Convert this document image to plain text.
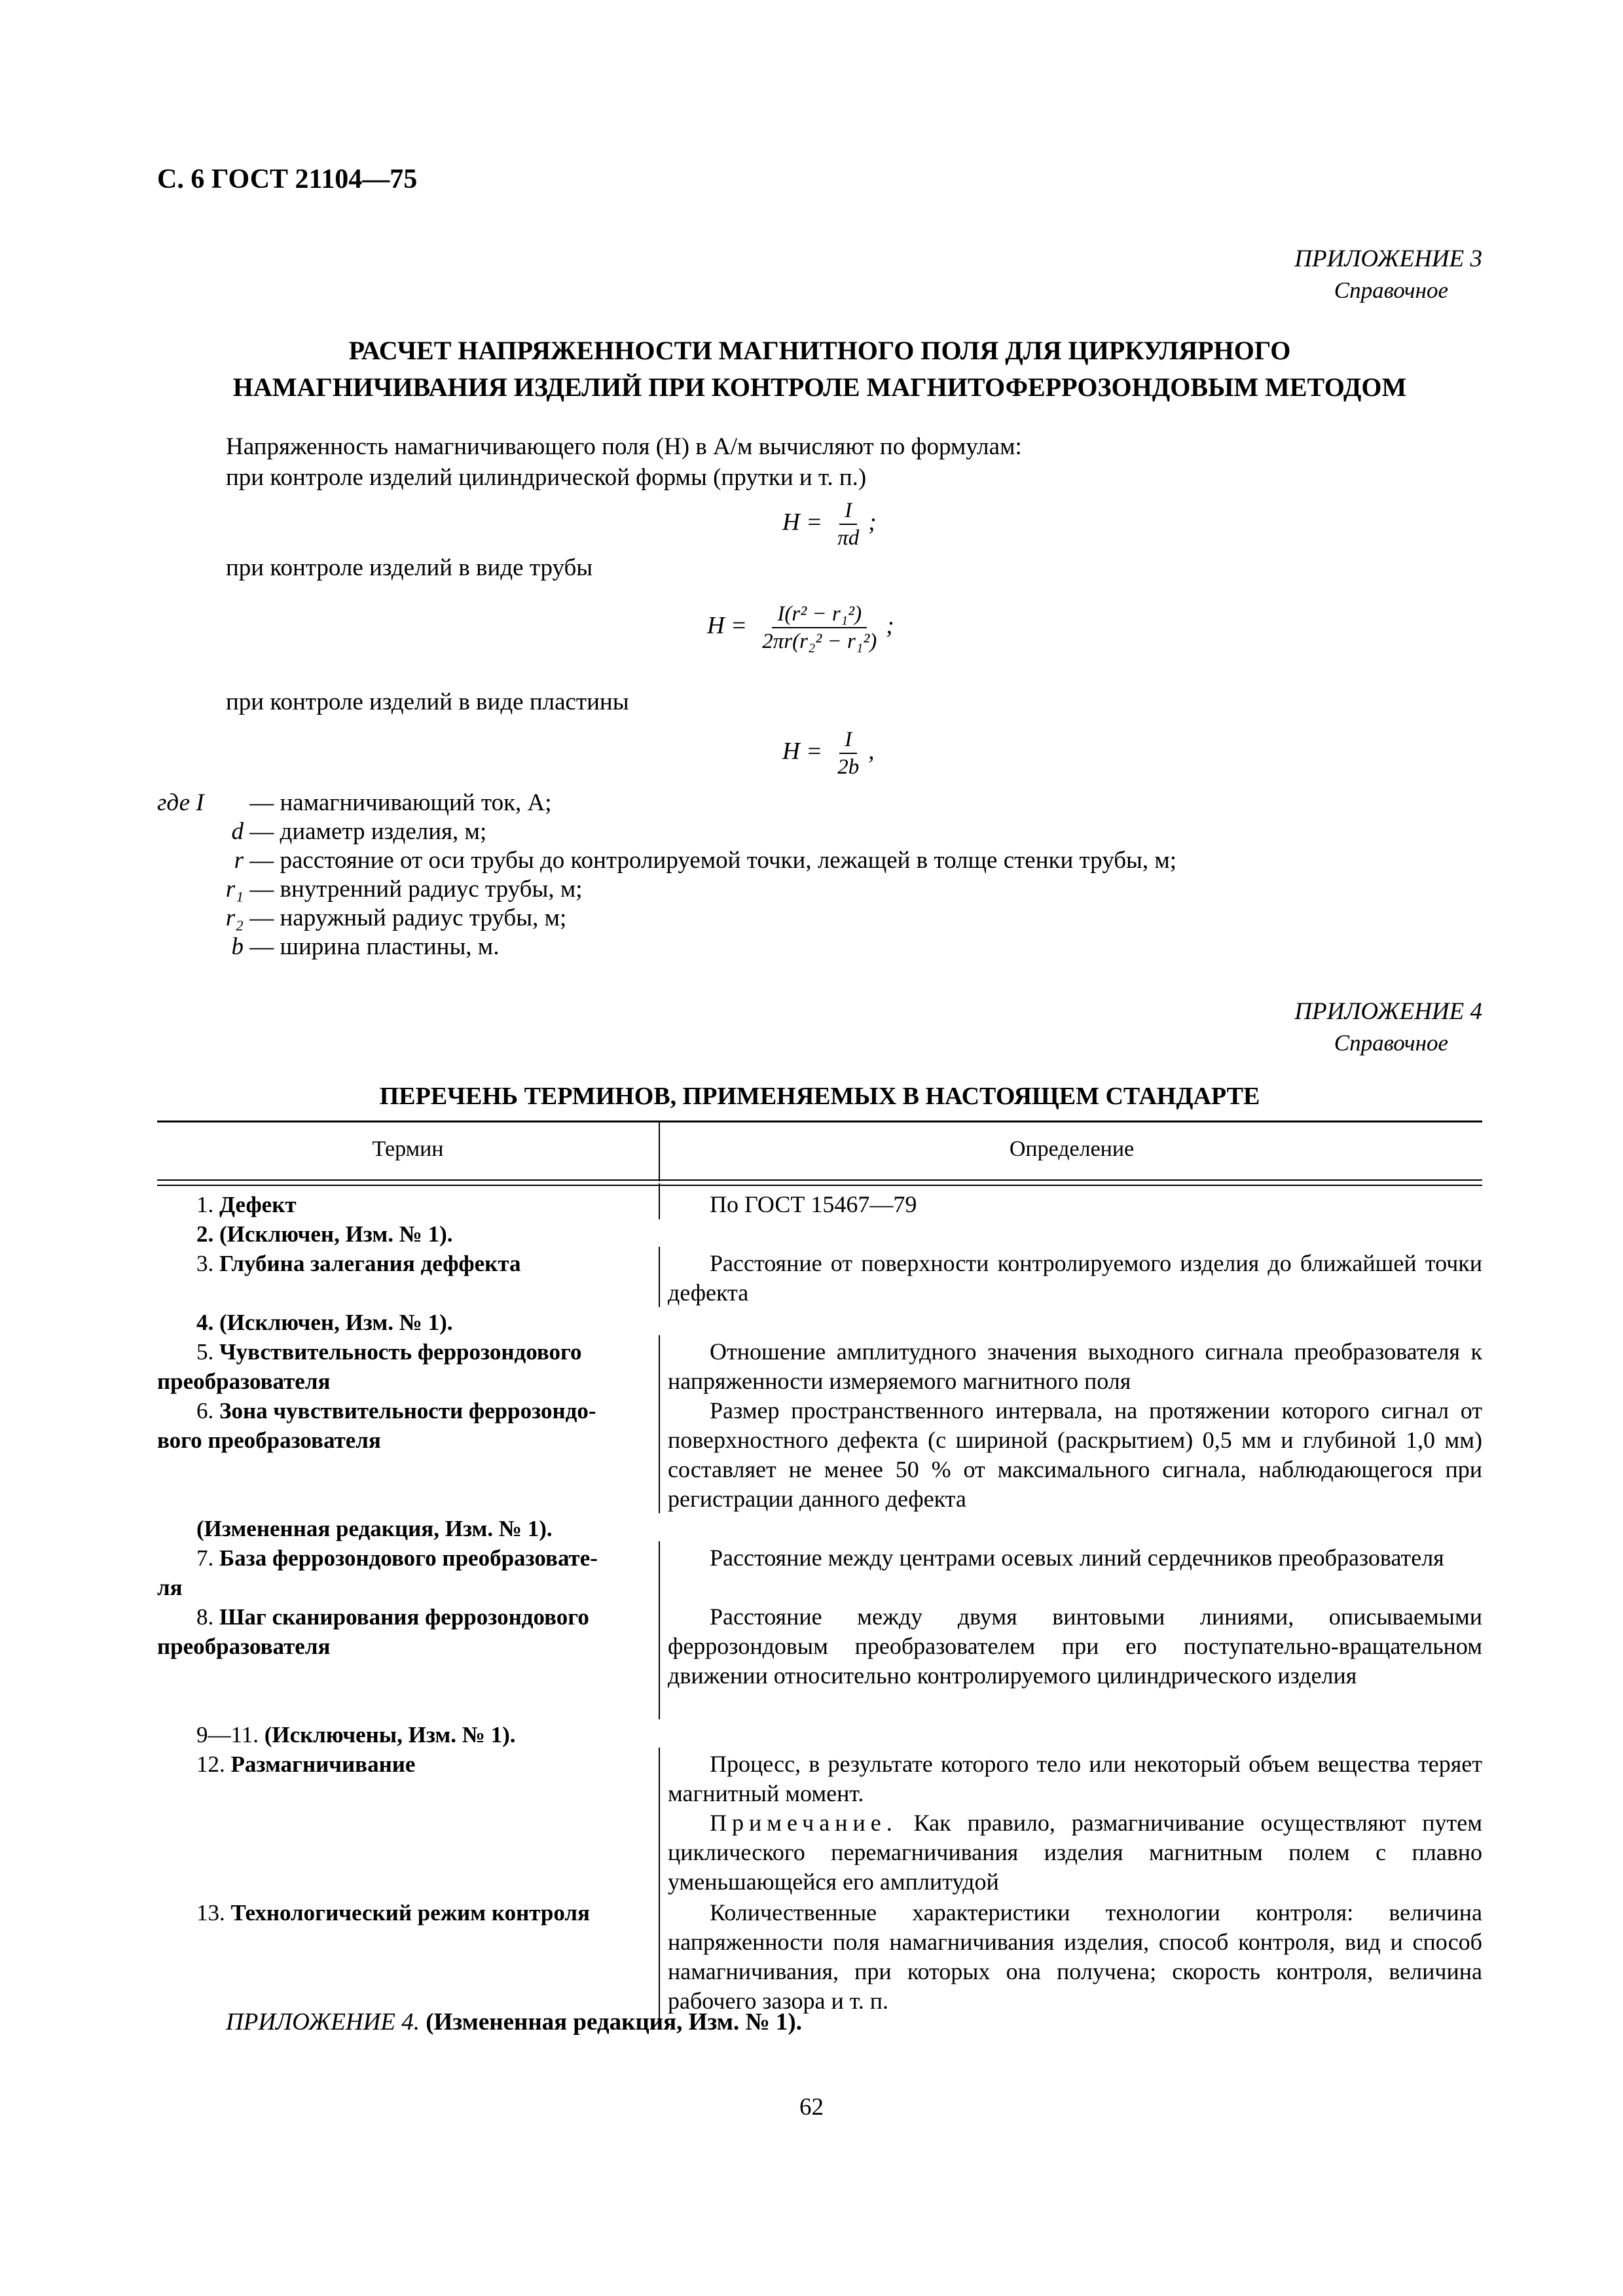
С. 6 ГОСТ 21104—75
ПРИЛОЖЕНИЕ 3
Справочное
РАСЧЕТ НАПРЯЖЕННОСТИ МАГНИТНОГО ПОЛЯ ДЛЯ ЦИРКУЛЯРНОГО
НАМАГНИЧИВАНИЯ ИЗДЕЛИЙ ПРИ КОНТРОЛЕ МАГНИТОФЕРРОЗОНДОВЫМ МЕТОДОМ
Напряженность намагничивающего поля (Н) в А/м вычисляют по формулам:
при контроле изделий цилиндрической формы (прутки и т. п.)
$H = \frac{I}{\pi d}$ ;
при контроле изделий в виде трубы
$H = \frac{\text{I(r² − r₁²)}}{\text{2πr(r₂² − r₁²)}}$ ;
при контроле изделий в виде пластины
$H = \frac{I}{2b}$ ,
где I — намагничивающий ток, А;
d — диаметр изделия, м;
r — расстояние от оси трубы до контролируемой точки, лежащей в толще стенки трубы, м;
r₁ — внутренний радиус трубы, м;
r₂ — наружный радиус трубы, м;
b — ширина пластины, м.
ПРИЛОЖЕНИЕ 4
Справочное
ПЕРЕЧЕНЬ ТЕРМИНОВ, ПРИМЕНЯЕМЫХ В НАСТОЯЩЕМ СТАНДАРТЕ
Термин	Определение
1. Дефект
2. (Исключен, Изм. № 1).
3. Глубина залегания деффекта
4. (Исключен, Изм. № 1).
5. Чувствительность феррозондового
преобразователя
6. Зона чувствительности феррозондо-
вого преобразователя
(Измененная редакция, Изм. № 1).
7. База феррозондового преобразовате-
ля
8. Шаг сканирования феррозондового
преобразователя
9—11. (Исключены, Изм. № 1).
12. Размагничивание
13. Технологический режим контроля
По ГОСТ 15467—79
Расстояние от поверхности контролируемого изделия до ближайшей точки дефекта
Отношение амплитудного значения выходного сигнала преобразователя к напряженности измеряемого магнитного поля
Размер пространственного интервала, на протяжении которого сигнал от поверхностного дефекта (с шириной (раскрытием) 0,5 мм и глубиной 1,0 мм) составляет не менее 50 % от максимального сигнала, наблюдающегося при регистрации данного дефекта
Расстояние между центрами осевых линий сердечников преобразователя
Расстояние между двумя винтовыми линиями, описываемыми феррозондовым преобразователем при его поступательно-вращательном движении относительно контролируемого цилиндрического изделия
Процесс, в результате которого тело или некоторый объем вещества теряет магнитный момент.
Примечание. Как правило, размагничивание осуществляют путем циклического перемагничивания изделия магнитным полем с плавно уменьшающейся его амплитудой
Количественные характеристики технологии контроля: величина напряженности поля намагничивания изделия, способ контроля, вид и способ намагничивания, при которых она получена; скорость контроля, величина рабочего зазора и т. п.
ПРИЛОЖЕНИЕ 4. (Измененная редакция, Изм. № 1).
62
